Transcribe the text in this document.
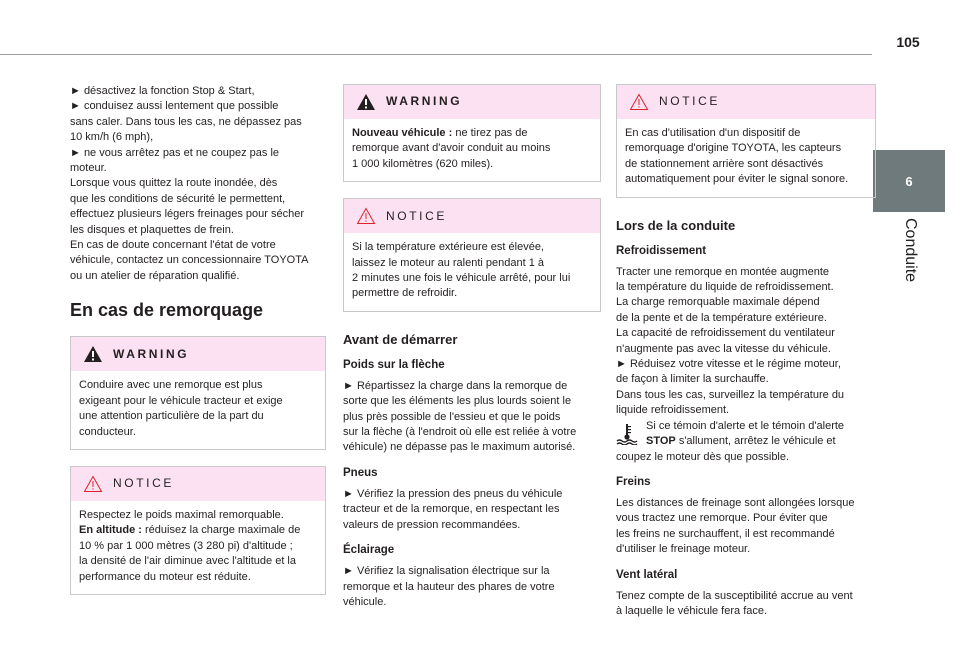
105
6
Conduite

► désactivez la fonction Stop & Start,

► conduisez aussi lentement que possible

sans caler. Dans tous les cas, ne dépassez pas

10 km/h (6 mph),

► ne vous arrêtez pas et ne coupez pas le

moteur.

Lorsque vous quittez la route inondée, dès

que les conditions de sécurité le permettent,

effectuez plusieurs légers freinages pour sécher

les disques et plaquettes de frein.

En cas de doute concernant l'état de votre

véhicule, contactez un concessionnaire TOYOTA

ou un atelier de réparation qualifié.

En cas de remorquage
WARNING

Conduire avec une remorque est plus

exigeant pour le véhicule tracteur et exige

une attention particulière de la part du

conducteur.

NOTICE

Respectez le poids maximal remorquable.

En altitude : réduisez la charge maximale de

10 % par 1 000 mètres (3 280 pi) d'altitude ;

la densité de l'air diminue avec l'altitude et la

performance du moteur est réduite.

WARNING

Nouveau véhicule : ne tirez pas de

remorque avant d'avoir conduit au moins

1 000 kilomètres (620 miles).

NOTICE

Si la température extérieure est élevée,

laissez le moteur au ralenti pendant 1 à

2 minutes une fois le véhicule arrêté, pour lui

permettre de refroidir.

Avant de démarrer
Poids sur la flèche

► Répartissez la charge dans la remorque de

sorte que les éléments les plus lourds soient le

plus près possible de l'essieu et que le poids

sur la flèche (à l'endroit où elle est reliée à votre

véhicule) ne dépasse pas le maximum autorisé.

Pneus

► Vérifiez la pression des pneus du véhicule

tracteur et de la remorque, en respectant les

valeurs de pression recommandées.

Éclairage

► Vérifiez la signalisation électrique sur la

remorque et la hauteur des phares de votre

véhicule.

NOTICE

En cas d'utilisation d'un dispositif de

remorquage d'origine TOYOTA, les capteurs

de stationnement arrière sont désactivés

automatiquement pour éviter le signal sonore.

Lors de la conduite
Refroidissement

Tracter une remorque en montée augmente

la température du liquide de refroidissement.

La charge remorquable maximale dépend

de la pente et de la température extérieure.

La capacité de refroidissement du ventilateur

n'augmente pas avec la vitesse du véhicule.

► Réduisez votre vitesse et le régime moteur,

de façon à limiter la surchauffe.

Dans tous les cas, surveillez la température du

liquide refroidissement.

Si ce témoin d'alerte et le témoin d'alerte

STOP s'allument, arrêtez le véhicule et

coupez le moteur dès que possible.

Freins

Les distances de freinage sont allongées lorsque

vous tractez une remorque. Pour éviter que

les freins ne surchauffent, il est recommandé

d'utiliser le freinage moteur.

Vent latéral

Tenez compte de la susceptibilité accrue au vent

à laquelle le véhicule fera face.
